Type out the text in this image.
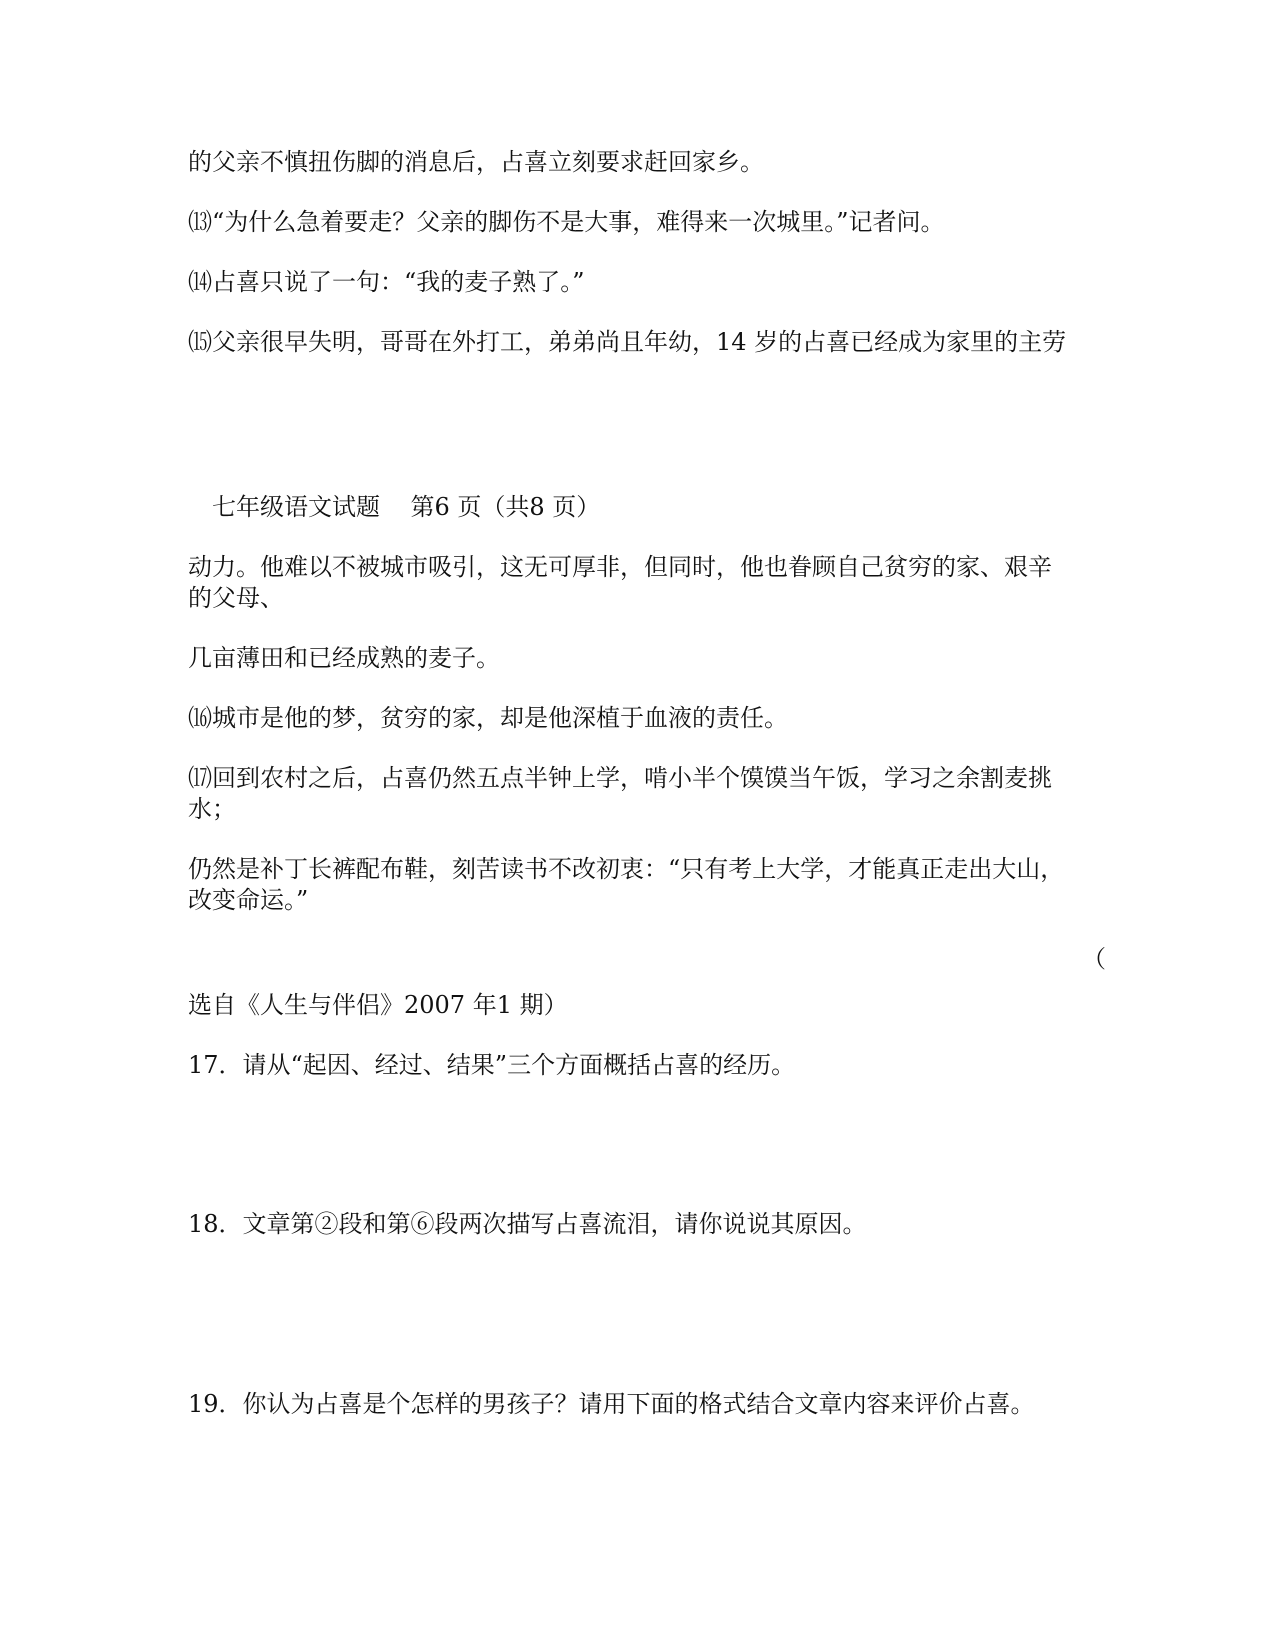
的父亲不慎扭伤脚的消息后，占喜立刻要求赶回家乡。
⒀“为什么急着要走？父亲的脚伤不是大事，难得来一次城里。”记者问。
⒁占喜只说了一句：“我的麦子熟了。”
⒂父亲很早失明，哥哥在外打工，弟弟尚且年幼，14 岁的占喜已经成为家里的主劳
七年级语文试题    第6 页（共8 页）
动力。他难以不被城市吸引，这无可厚非，但同时，他也眷顾自己贫穷的家、艰辛
的父母、
几亩薄田和已经成熟的麦子。
⒃城市是他的梦，贫穷的家，却是他深植于血液的责任。
⒄回到农村之后，占喜仍然五点半钟上学，啃小半个馍馍当午饭，学习之余割麦挑
水；
仍然是补丁长裤配布鞋，刻苦读书不改初衷：“只有考上大学，才能真正走出大山，
改变命运。”
（
选自《人生与伴侣》2007 年1 期）
17．请从“起因、经过、结果”三个方面概括占喜的经历。
18．文章第②段和第⑥段两次描写占喜流泪，请你说说其原因。
19．你认为占喜是个怎样的男孩子？请用下面的格式结合文章内容来评价占喜。
